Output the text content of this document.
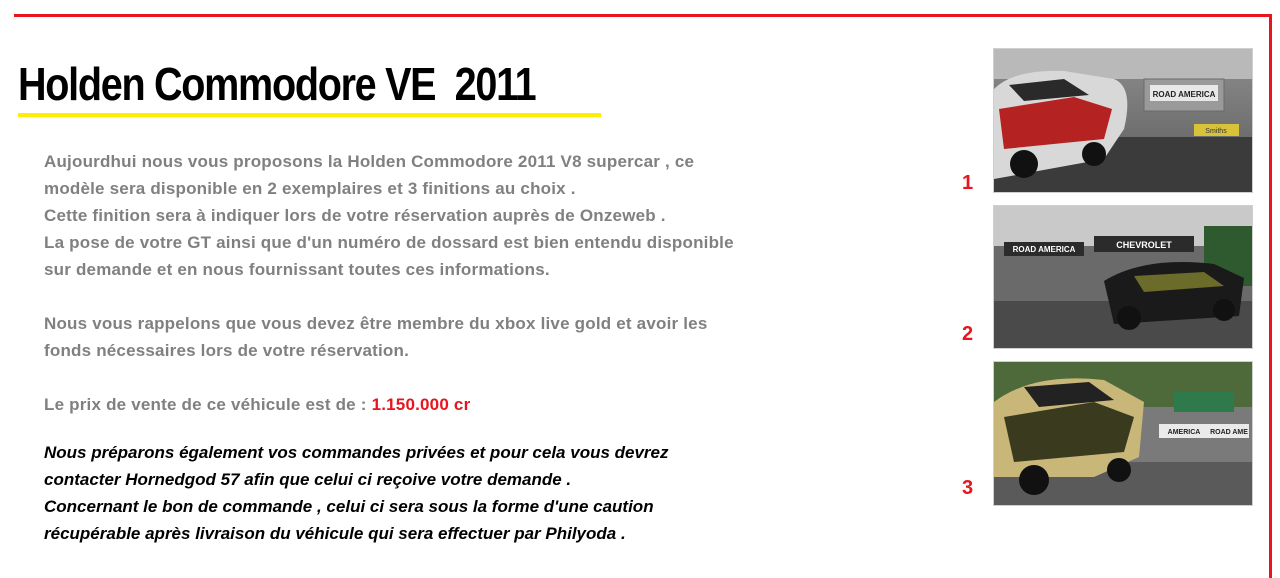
Holden Commodore VE  2011

Aujourdhui nous vous proposons la Holden Commodore 2011 V8 supercar , ce

modèle sera disponible en 2 exemplaires et 3 finitions au choix .

Cette finition sera à indiquer lors de votre réservation auprès de Onzeweb .

La pose de votre GT ainsi que d'un numéro de dossard est bien entendu disponible

sur demande et en nous fournissant toutes ces informations.

Nous vous rappelons que vous devez être membre du xbox live gold et avoir les

fonds nécessaires lors de votre réservation.

Le prix de vente de ce véhicule est de : 1.150.000 cr

Nous préparons également vos commandes privées et pour cela vous devrez

contacter Hornedgod 57 afin que celui ci reçoive votre demande .

Concernant le bon de commande , celui ci sera sous la forme d'une caution

récupérable après livraison du véhicule qui sera effectuer par Philyoda .

ROAD AMERICA
Smiths
1
ROAD AMERICA	CHEVROLET
2
AMERICA ROAD AME
3
